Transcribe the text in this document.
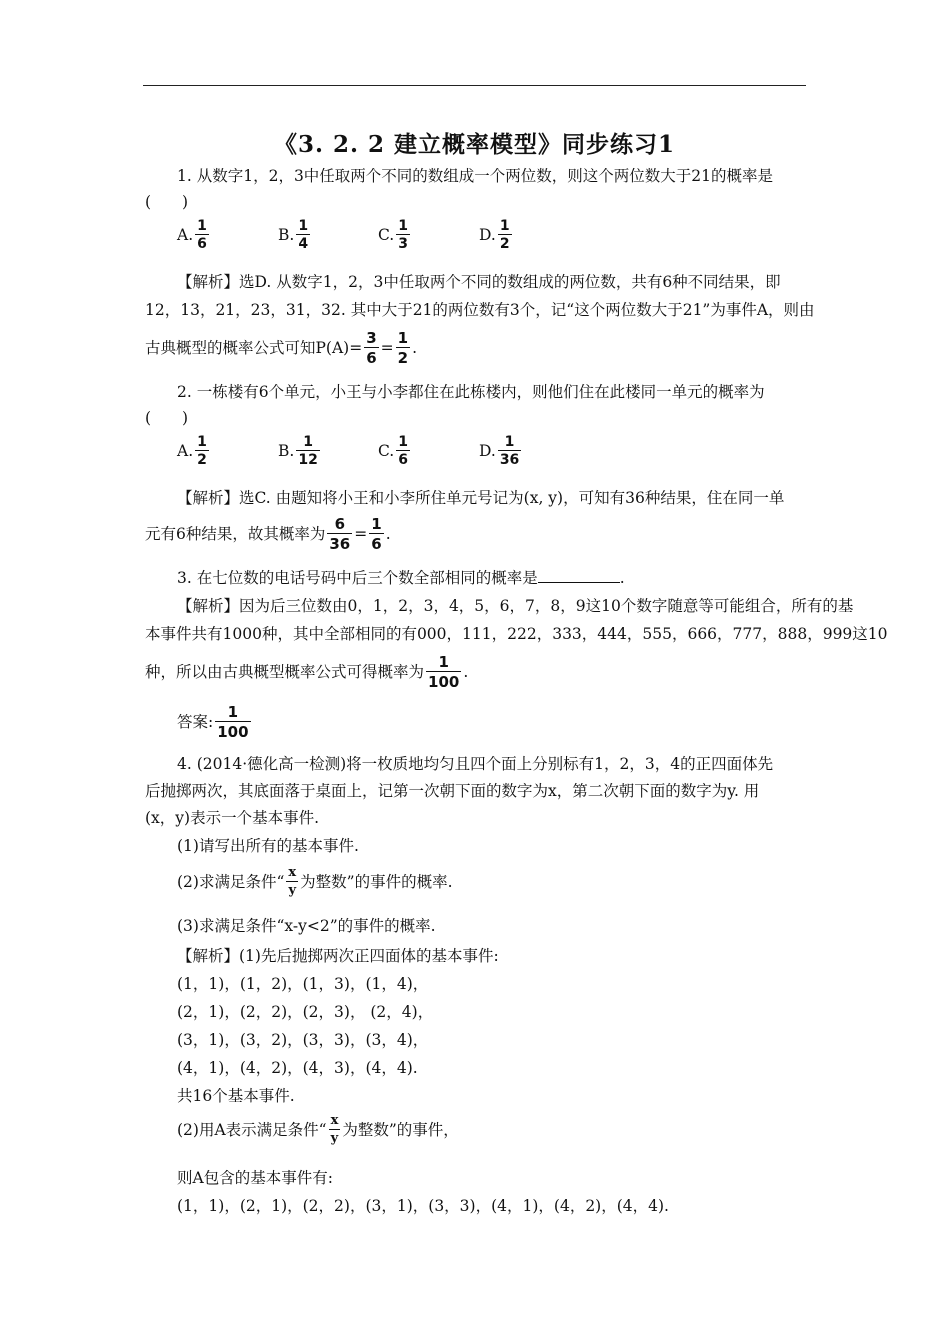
《3. 2. 2 建立概率模型》同步练习1
1. 从数字1，2，3中任取两个不同的数组成一个两位数，则这个两位数大于21的概率是
(　　)
A. $\frac{1}{6}$	B. $\frac{1}{4}$	C. $\frac{1}{3}$	D. $\frac{1}{2}$
【解析】选D. 从数字1，2，3中任取两个不同的数组成的两位数，共有6种不同结果，即
12，13，21，23，31，32. 其中大于21的两位数有3个，记“这个两位数大于21”为事件A，则由
古典概型的概率公式可知$P(A)= \frac{3}{6} = \frac{1}{2}$ .
2. 一栋楼有6个单元，小王与小李都住在此栋楼内，则他们住在此楼同一单元的概率为
(　　)
A. $\frac{1}{2}$	B. $\frac{1}{12}$	C. $\frac{1}{6}$	D. $\frac{1}{36}$
【解析】选C. 由题知将小王和小李所住单元号记为(x, y)，可知有36种结果，住在同一单
元有6种结果，故其概率为 $\frac{6}{36} = \frac{1}{6}$ .
3. 在七位数的电话号码中后三个数全部相同的概率是	.
【解析】因为后三位数由0，1，2，3，4，5，6，7，8，9这10个数字随意等可能组合，所有的基
本事件共有1000种，其中全部相同的有000，111，222，333，444，555，666，777，888，999这10
种，所以由古典概型概率公式可得概率为 $\frac{1}{100}$ .
答案: $\frac{1}{100}$
4. (2014·德化高一检测)将一枚质地均匀且四个面上分别标有1，2，3，4的正四面体先
后抛掷两次，其底面落于桌面上，记第一次朝下面的数字为x，第二次朝下面的数字为y. 用
(x，y)表示一个基本事件.
(1)请写出所有的基本事件.
(2)求满足条件“ $\frac{x}{y}$ 为整数”的事件的概率.
(3)求满足条件“x-y<2”的事件的概率.
【解析】(1)先后抛掷两次正四面体的基本事件:
(1，1)，(1，2)，(1，3)，(1，4)，
(2，1)，(2，2)，(2，3)， (2，4)，
(3，1)，(3，2)，(3，3)，(3，4)，
(4，1)，(4，2)，(4，3)，(4，4).
共16个基本事件.
(2)用A表示满足条件“ $\frac{x}{y}$ 为整数”的事件，
则A包含的基本事件有:
(1，1)，(2，1)，(2，2)，(3，1)，(3，3)，(4，1)，(4，2)，(4，4).
